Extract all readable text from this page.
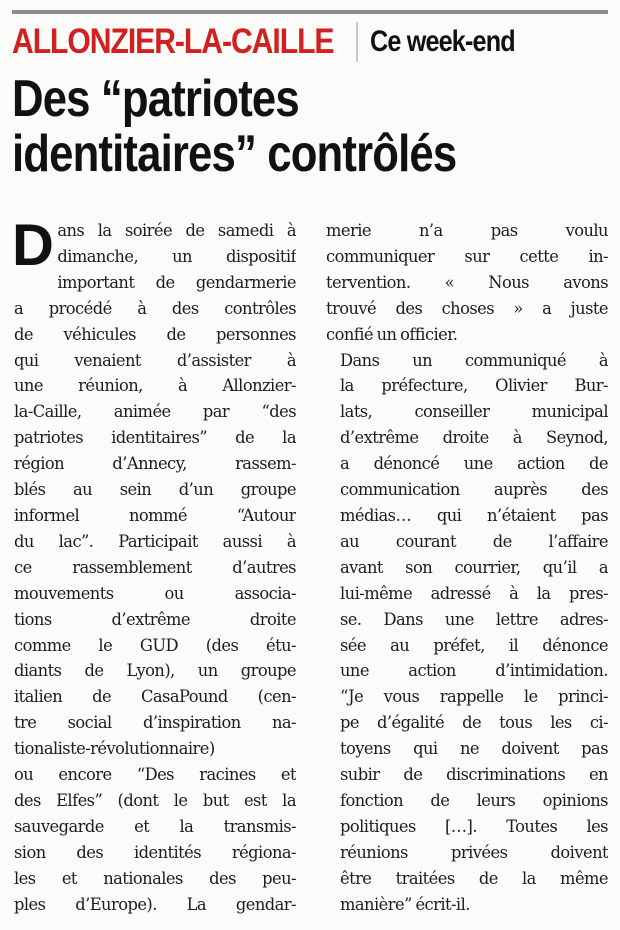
ALLONZIER-LA-CAILLE Ce week-end
Des “patriotes
identitaires” contrôlés

D ans la soirée de samedi à
dimanche, un dispositif
important de gendarmerie
a procédé à des contrôles
de véhicules de personnes
qui venaient d’assister à
une réunion, à Allonzier-
la-Caille, animée par “des
patriotes identitaires” de la
région d’Annecy, rassem-
blés au sein d’un groupe
informel nommé “Autour
du lac”. Participait aussi à
ce rassemblement d’autres
mouvements ou associa-
tions d’extrême droite
comme le GUD (des étu-
diants de Lyon), un groupe
italien de CasaPound (cen-
tre social d’inspiration na-
tionaliste-révolutionnaire)
ou encore “Des racines et
des Elfes” (dont le but est la
sauvegarde et la transmis-
sion des identités régiona-
les et nationales des peu-
ples d’Europe). La gendar-

merie n’a pas voulu
communiquer sur cette in-
tervention. « Nous avons
trouvé des choses » a juste
confié un officier.

Dans un communiqué à
la préfecture, Olivier Bur-
lats, conseiller municipal
d’extrême droite à Seynod,
a dénoncé une action de
communication auprès des
médias… qui n’étaient pas
au courant de l’affaire
avant son courrier, qu’il a
lui-même adressé à la pres-
se. Dans une lettre adres-
sée au préfet, il dénonce
une action d’intimidation.
“Je vous rappelle le princi-
pe d’égalité de tous les ci-
toyens qui ne doivent pas
subir de discriminations en
fonction de leurs opinions
politiques […]. Toutes les
réunions privées doivent
être traitées de la même
manière” écrit-il.
